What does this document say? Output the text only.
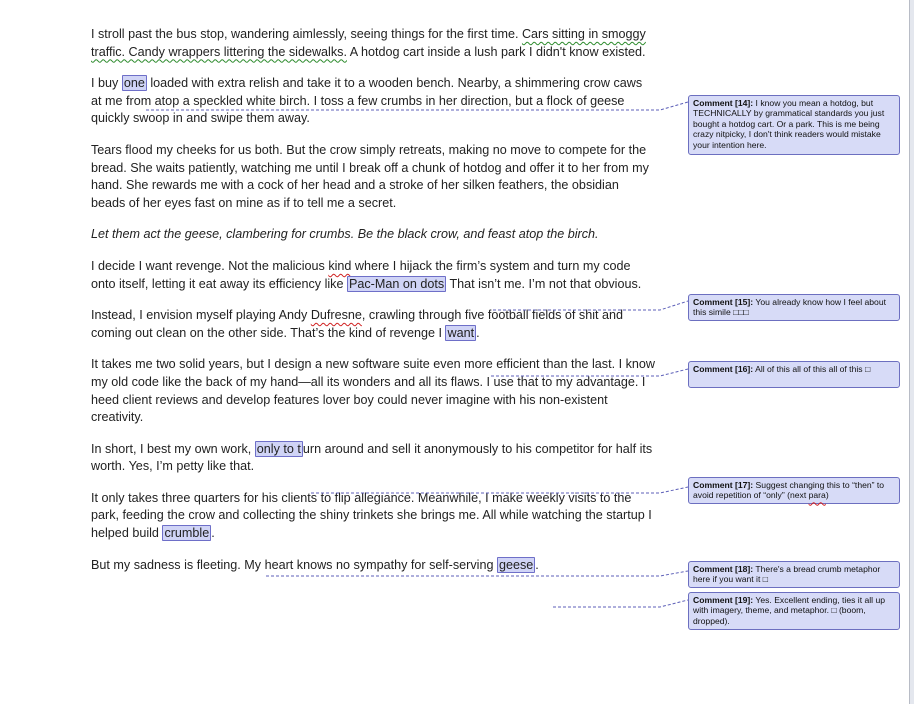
I stroll past the bus stop, wandering aimlessly, seeing things for the first time. Cars sitting in smoggy traffic. Candy wrappers littering the sidewalks. A hotdog cart inside a lush park I didn't know existed.

I buy one loaded with extra relish and take it to a wooden bench. Nearby, a shimmering crow caws at me from atop a speckled white birch. I toss a few crumbs in her direction, but a flock of geese quickly swoop in and swipe them away.

Tears flood my cheeks for us both. But the crow simply retreats, making no move to compete for the bread. She waits patiently, watching me until I break off a chunk of hotdog and offer it to her from my hand. She rewards me with a cock of her head and a stroke of her silken feathers, the obsidian beads of her eyes fast on mine as if to tell me a secret.

Let them act the geese, clambering for crumbs. Be the black crow, and feast atop the birch.

I decide I want revenge. Not the malicious kind where I hijack the firm’s system and turn my code onto itself, letting it eat away its efficiency like Pac-Man on dots That isn’t me. I’m not that obvious.

Instead, I envision myself playing Andy Dufresne, crawling through five football fields of shit and coming out clean on the other side. That’s the kind of revenge I want .

It takes me two solid years, but I design a new software suite even more efficient than the last. I know my old code like the back of my hand—all its wonders and all its flaws. I use that to my advantage. I heed client reviews and develop features lover boy could never imagine with his non-existent creativity.

In short, I best my own work, only to t urn around and sell it anonymously to his competitor for half its worth. Yes, I’m petty like that.

It only takes three quarters for his clients to flip allegiance. Meanwhile, I make weekly visits to the park, feeding the crow and collecting the shiny trinkets she brings me. All while watching the startup I helped build crumble .

But my sadness is fleeting. My heart knows no sympathy for self-serving geese .

Comment [14]: I know you mean a hotdog, but TECHNICALLY by grammatical standards you just bought a hotdog cart. Or a park. This is me being crazy nitpicky, I don't think readers would mistake your intention here.
Comment [15]: You already know how I feel about this simile □□□
Comment [16]: All of this all of this all of this □
Comment [17]: Suggest changing this to “then” to avoid repetition of “only” (next para)
Comment [18]: There's a bread crumb metaphor here if you want it □
Comment [19]: Yes. Excellent ending, ties it all up with imagery, theme, and metaphor. □ (boom, dropped).
